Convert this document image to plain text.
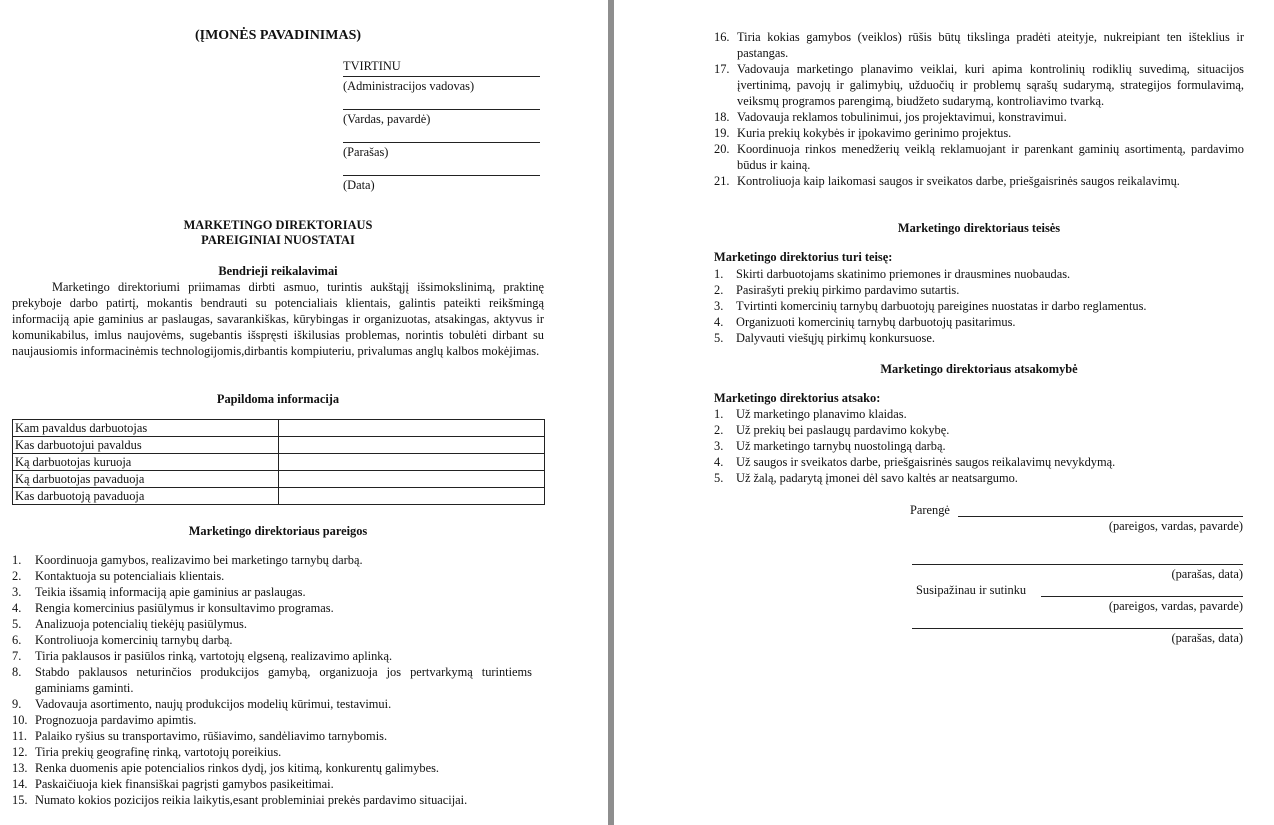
(ĮMONĖS PAVADINIMAS)
TVIRTINU
(Administracijos vadovas)
(Vardas, pavardė)
(Parašas)
(Data)
MARKETINGO DIREKTORIAUS
PAREIGINIAI NUOSTATAI
Bendrieji reikalavimai

Marketingo direktoriumi priimamas dirbti asmuo, turintis aukštąjį išsimokslinimą, praktinę prekyboje darbo patirtį, mokantis bendrauti su potencialiais klientais, galintis pateikti reikšmingą informaciją apie gaminius ar paslaugas, savarankiškas, kūrybingas ir organizuotas, atsakingas, aktyvus ir komunikabilus, imlus naujovėms, sugebantis išspręsti iškilusias problemas, norintis tobulėti dirbant su naujausiomis informacinėmis technologijomis,dirbantis kompiuteriu, privalumas anglų kalbos mokėjimas.

Papildoma informacija
Kam pavaldus darbuotojas	
Kas darbuotojui pavaldus	
Ką darbuotojas kuruoja	
Ką darbuotojas pavaduoja	
Kas darbuotoją pavaduoja	
Marketingo direktoriaus pareigos
1. Koordinuoja gamybos, realizavimo bei marketingo tarnybų darbą.
2. Kontaktuoja su potencialiais klientais.
3. Teikia išsamią informaciją apie gaminius ar paslaugas.
4. Rengia komercinius pasiūlymus ir konsultavimo programas.
5. Analizuoja potencialių tiekėjų pasiūlymus.
6. Kontroliuoja komercinių tarnybų darbą.
7. Tiria paklausos ir pasiūlos rinką, vartotojų elgseną, realizavimo aplinką.
8. Stabdo paklausos neturinčios produkcijos gamybą, organizuoja jos pertvarkymą turintiems gaminiams gaminti.
9. Vadovauja asortimento, naujų produkcijos modelių kūrimui, testavimui.
10. Prognozuoja pardavimo apimtis.
11. Palaiko ryšius su transportavimo, rūšiavimo, sandėliavimo tarnybomis.
12. Tiria prekių geografinę rinką, vartotojų poreikius.
13. Renka duomenis apie potencialios rinkos dydį, jos kitimą, konkurentų galimybes.
14. Paskaičiuoja kiek finansiškai pagrįsti gamybos pasikeitimai.
15. Numato kokios pozicijos reikia laikytis,esant probleminiai prekės pardavimo situacijai.
16. Tiria kokias gamybos (veiklos) rūšis būtų tikslinga pradėti ateityje, nukreipiant ten išteklius ir pastangas.
17. Vadovauja marketingo planavimo veiklai, kuri apima kontrolinių rodiklių suvedimą, situacijos įvertinimą, pavojų ir galimybių, užduočių ir problemų sąrašų sudarymą, strategijos formulavimą, veiksmų programos parengimą, biudžeto sudarymą, kontroliavimo tvarką.
18. Vadovauja reklamos tobulinimui, jos projektavimui, konstravimui.
19. Kuria prekių kokybės ir įpokavimo gerinimo projektus.
20. Koordinuoja rinkos menedžerių veiklą reklamuojant ir parenkant gaminių asortimentą, pardavimo būdus ir kainą.
21. Kontroliuoja kaip laikomasi saugos ir sveikatos darbe, priešgaisrinės saugos reikalavimų.
Marketingo direktoriaus teisės
Marketingo direktorius turi teisę:
1. Skirti darbuotojams skatinimo priemones ir drausmines nuobaudas.
2. Pasirašyti prekių pirkimo pardavimo sutartis.
3. Tvirtinti komercinių tarnybų darbuotojų pareigines nuostatas ir darbo reglamentus.
4. Organizuoti komercinių tarnybų darbuotojų pasitarimus.
5. Dalyvauti viešųjų pirkimų konkursuose.
Marketingo direktoriaus atsakomybė
Marketingo direktorius atsako:
1. Už marketingo planavimo klaidas.
2. Už prekių bei paslaugų pardavimo kokybę.
3. Už marketingo tarnybų nuostolingą darbą.
4. Už saugos ir sveikatos darbe, priešgaisrinės saugos reikalavimų nevykdymą.
5. Už žalą, padarytą įmonei dėl savo kaltės ar neatsargumo.
Parengė
(pareigos, vardas, pavarde)
(parašas, data)
Susipažinau ir sutinku
(pareigos, vardas, pavarde)
(parašas, data)
